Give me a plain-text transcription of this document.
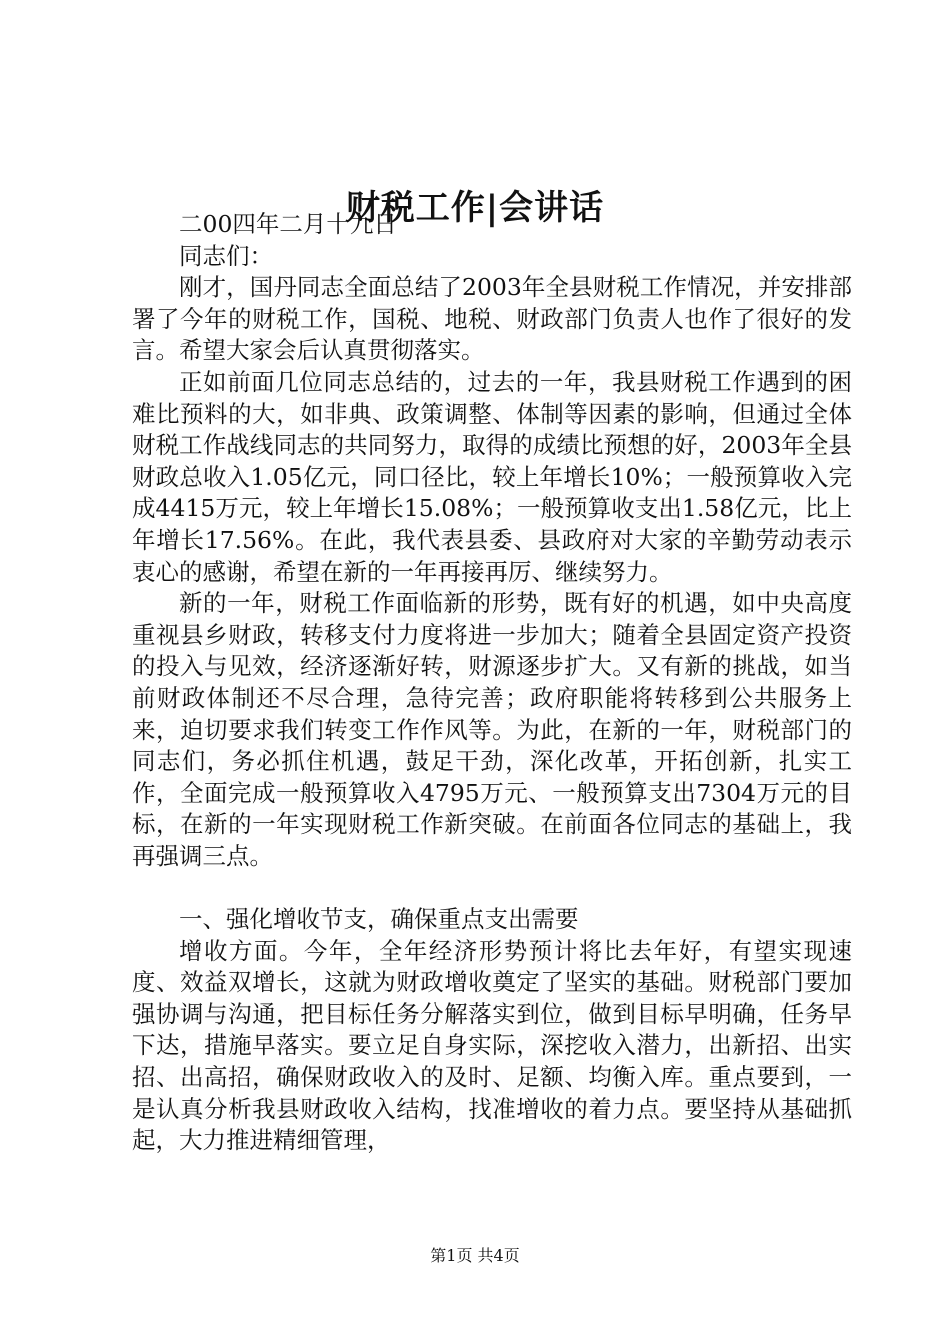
财税工作|会讲话

二00四年二月十九日

同志们：

刚才，国丹同志全面总结了2003年全县财税工作情况，并安排部署了今年的财税工作，国税、地税、财政部门负责人也作了很好的发言。希望大家会后认真贯彻落实。

正如前面几位同志总结的，过去的一年，我县财税工作遇到的困难比预料的大，如非典、政策调整、体制等因素的影响，但通过全体财税工作战线同志的共同努力，取得的成绩比预想的好，2003年全县财政总收入1.05亿元，同口径比，较上年增长10%；一般预算收入完成4415万元，较上年增长15.08%；一般预算收支出1.58亿元，比上年增长17.56%。在此，我代表县委、县政府对大家的辛勤劳动表示衷心的感谢，希望在新的一年再接再厉、继续努力。

新的一年，财税工作面临新的形势，既有好的机遇，如中央高度重视县乡财政，转移支付力度将进一步加大；随着全县固定资产投资的投入与见效，经济逐渐好转，财源逐步扩大。又有新的挑战，如当前财政体制还不尽合理，急待完善；政府职能将转移到公共服务上来，迫切要求我们转变工作作风等。为此，在新的一年，财税部门的同志们，务必抓住机遇，鼓足干劲，深化改革，开拓创新，扎实工作，全面完成一般预算收入4795万元、一般预算支出7304万元的目标，在新的一年实现财税工作新突破。在前面各位同志的基础上，我再强调三点。

一、强化增收节支，确保重点支出需要

增收方面。今年，全年经济形势预计将比去年好，有望实现速度、效益双增长，这就为财政增收奠定了坚实的基础。财税部门要加强协调与沟通，把目标任务分解落实到位，做到目标早明确，任务早下达，措施早落实。要立足自身实际，深挖收入潜力，出新招、出实招、出高招，确保财政收入的及时、足额、均衡入库。重点要到，一是认真分析我县财政收入结构，找准增收的着力点。要坚持从基础抓起，大力推进精细管理，

第1页 共4页
